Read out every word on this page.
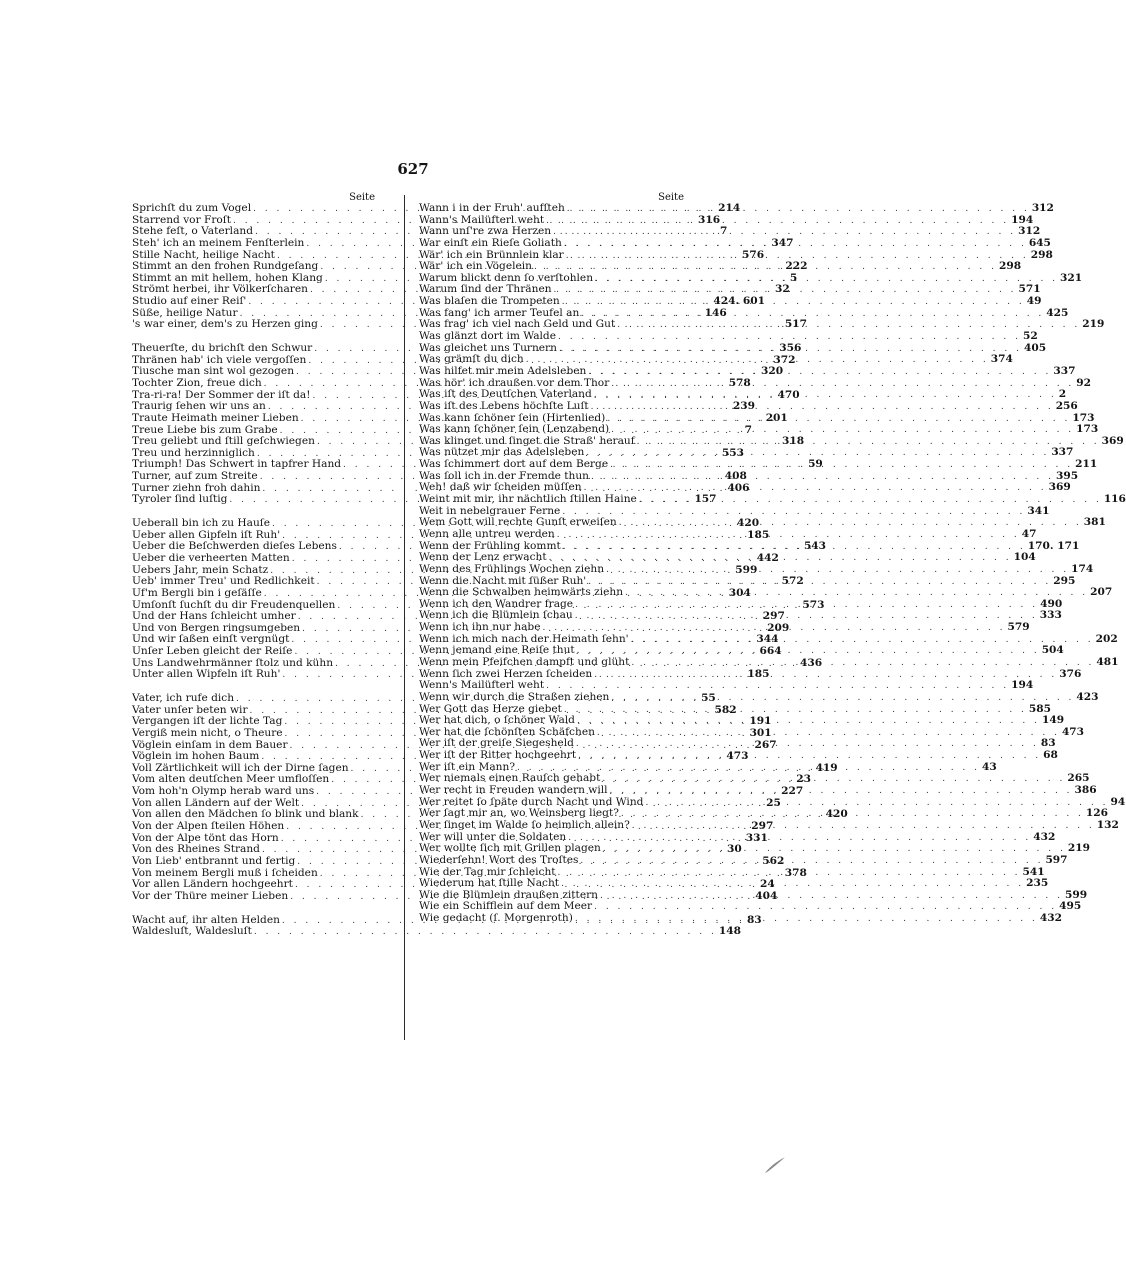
627
Seite
Sprichſt du zum Vogel . . .	214
Starrend vor Froſt . . .	316
Stehe feſt, o Vaterland . . .	7
Steh' ich an meinem Fenſterlein . . .	347
Stille Nacht, heilige Nacht . . .	576
Stimmt an den frohen Rundgeſang . . .	222
Stimmt an mit hellem, hohen Klang . . .	5
Strömt herbei, ihr Völkerſcharen . . .	32
Studio auf einer Reiſ' . . .	424. 601
Süße, heilige Natur . . .	146
's war einer, dem's zu Herzen ging . . .	517
Theuerſte, du brichſt den Schwur . . .	356
Thränen hab' ich viele vergoſſen . . .	372
Tiusche man sint wol gezogen . . .	320
Tochter Zion, freue dich . . .	578
Tra-ri-ra! Der Sommer der iſt da! . . .	470
Traurig ſehen wir uns an . . .	239
Traute Heimath meiner Lieben . . .	201
Treue Liebe bis zum Grabe . . .	7
Treu geliebt und ſtill geſchwiegen . . .	318
Treu und herzinniglich . . .	553
Triumph! Das Schwert in tapfrer Hand . . .	59
Turner, auf zum Streite . . .	408
Turner ziehn froh dahin . . .	406
Tyroler ſind luſtig . . .	157
Ueberall bin ich zu Hauſe . . .	420
Ueber allen Gipfeln iſt Ruh' . . .	185
Ueber die Beſchwerden dieſes Lebens . . .	543
Ueber die verheerten Matten . . .	442
Uebers Jahr, mein Schatz . . .	599
Ueb' immer Treu' und Redlichkeit . . .	572
Uf'm Bergli bin i geſäſſe . . .	304
Umſonſt ſuchſt du dir Freudenquellen . . .	573
Und der Hans ſchleicht umher . . .	297
Und von Bergen ringsumgeben . . .	209
Und wir ſaßen einſt vergnügt . . .	344
Unſer Leben gleicht der Reiſe . . .	664
Uns Landwehrmänner ſtolz und kühn . . .	436
Unter allen Wipfeln iſt Ruh' . . .	185
Vater, ich rufe dich . . .	55
Vater unſer beten wir . . .	582
Vergangen iſt der lichte Tag . . .	191
Vergiß mein nicht, o Theure . . .	301
Vöglein einſam in dem Bauer . . .	267
Vöglein im hohen Baum . . .	473
Voll Zärtlichkeit will ich der Dirne ſagen . . .	419
Vom alten deutſchen Meer umfloſſen . . .	23
Vom hoh'n Olymp herab ward uns . . .	227
Von allen Ländern auf der Welt . . .	25
Von allen den Mädchen ſo blink und blank . . .	420
Von der Alpen ſteilen Höhen . . .	297
Von der Alpe tönt das Horn . . .	331
Von des Rheines Strand . . .	30
Von Lieb' entbrannt und fertig . . .	562
Von meinem Bergli muß i ſcheiden . . .	378
Vor allen Ländern hochgeehrt . . .	24
Vor der Thüre meiner Lieben . . .	404
Wacht auf, ihr alten Helden . . .	83
Waldesluſt, Waldesluſt . . .	148
Seite
Wann i in der Fruh' aufſteh . . .	312
Wann's Mailüfterl weht . . .	194
Wann unſ're zwa Herzen . . .	312
War einſt ein Rieſe Goliath . . .	645
Wär' ich ein Brünnlein klar . . .	298
Wär' ich ein Vögelein . . .	298
Warum blickt denn ſo verſtohlen . . .	321
Warum ſind der Thränen . . .	571
Was blaſen die Trompeten . . .	49
Was fang' ich armer Teufel an . . .	425
Was frag' ich viel nach Geld und Gut . . .	219
Was glänzt dort im Walde . . .	52
Was gleichet uns Turnern . . .	405
Was grämſt du dich . . .	374
Was hilfet mir mein Adelsleben . . .	337
Was hör' ich draußen vor dem Thor . . .	92
Was iſt des Deutſchen Vaterland . . .	2
Was iſt des Lebens höchſte Luſt . . .	256
Was kann ſchöner ſein (Hirtenlied) . . .	173
Was kann ſchöner ſein (Lenzabend) . . .	173
Was klinget und ſinget die Straß' herauf . . .	369
Was nützet mir das Adelsleben . . .	337
Was ſchimmert dort auf dem Berge . . .	211
Was ſoll ich in der Fremde thun . . .	395
Weh! daß wir ſcheiden müſſen . . .	369
Weint mit mir, ihr nächtlich ſtillen Haine . . .	116
Weit in nebelgrauer Ferne . . .	341
Wem Gott will rechte Gunſt erweiſen . . .	381
Wenn alle untreu werden . . .	47
Wenn der Frühling kommt . . .	170. 171
Wenn der Lenz erwacht . . .	104
Wenn des Frühlings Wochen ziehn . . .	174
Wenn die Nacht mit ſüßer Ruh' . . .	295
Wenn die Schwalben heimwärts ziehn . . .	207
Wenn ich den Wandrer frage . . .	490
Wenn ich die Blümlein ſchau . . .	333
Wenn ich ihn nur habe . . .	579
Wenn ich mich nach der Heimath ſehn' . . .	202
Wenn jemand eine Reiſe thut . . .	504
Wenn mein Pfeifchen dampft und glüht . . .	481
Wenn ſich zwei Herzen ſcheiden . . .	376
Wenn's Mailüfterl weht . . .	194
Wenn wir durch die Straßen ziehen . . .	423
Wer Gott das Herze giebet . . .	585
Wer hat dich, o ſchöner Wald . . .	149
Wer hat die ſchönſten Schäfchen . . .	473
Wer iſt der greiſe Siegesheld . . .	83
Wer iſt der Ritter hochgeehrt . . .	68
Wer iſt ein Mann? . . .	43
Wer niemals einen Rauſch gehabt . . .	265
Wer recht in Freuden wandern will . . .	386
Wer reitet ſo ſpäte durch Nacht und Wind . . .	94
Wer ſagt mir an, wo Weinsberg liegt? . . .	126
Wer ſinget im Walde ſo heimlich allein? . . .	132
Wer will unter die Soldaten . . .	432
Wer wollte ſich mit Grillen plagen . . .	219
Wiederſehn! Wort des Troſtes . . .	597
Wie der Tag mir ſchleicht . . .	541
Wiederum hat ſtille Nacht . . .	235
Wie die Blümlein draußen zittern . . .	599
Wie ein Schifflein auf dem Meer . . .	495
Wie gedacht (ſ. Morgenroth) . . .	432
